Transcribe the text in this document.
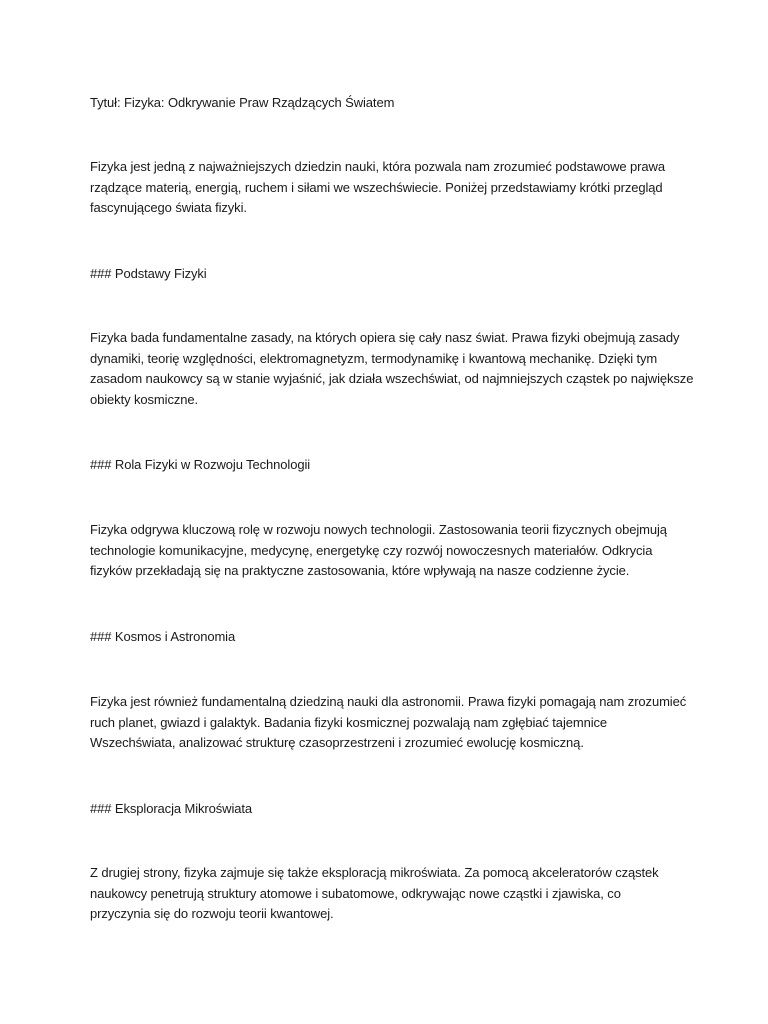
Tytuł: Fizyka: Odkrywanie Praw Rządzących Światem
Fizyka jest jedną z najważniejszych dziedzin nauki, która pozwala nam zrozumieć podstawowe prawa
rządzące materią, energią, ruchem i siłami we wszechświecie. Poniżej przedstawiamy krótki przegląd
fascynującego świata fizyki.
### Podstawy Fizyki
Fizyka bada fundamentalne zasady, na których opiera się cały nasz świat. Prawa fizyki obejmują zasady
dynamiki, teorię względności, elektromagnetyzm, termodynamikę i kwantową mechanikę. Dzięki tym
zasadom naukowcy są w stanie wyjaśnić, jak działa wszechświat, od najmniejszych cząstek po największe
obiekty kosmiczne.
### Rola Fizyki w Rozwoju Technologii
Fizyka odgrywa kluczową rolę w rozwoju nowych technologii. Zastosowania teorii fizycznych obejmują
technologie komunikacyjne, medycynę, energetykę czy rozwój nowoczesnych materiałów. Odkrycia
fizyków przekładają się na praktyczne zastosowania, które wpływają na nasze codzienne życie.
### Kosmos i Astronomia
Fizyka jest również fundamentalną dziedziną nauki dla astronomii. Prawa fizyki pomagają nam zrozumieć
ruch planet, gwiazd i galaktyk. Badania fizyki kosmicznej pozwalają nam zgłębiać tajemnice
Wszechświata, analizować strukturę czasoprzestrzeni i zrozumieć ewolucję kosmiczną.
### Eksploracja Mikroświata
Z drugiej strony, fizyka zajmuje się także eksploracją mikroświata. Za pomocą akceleratorów cząstek
naukowcy penetrują struktury atomowe i subatomowe, odkrywając nowe cząstki i zjawiska, co
przyczynia się do rozwoju teorii kwantowej.
